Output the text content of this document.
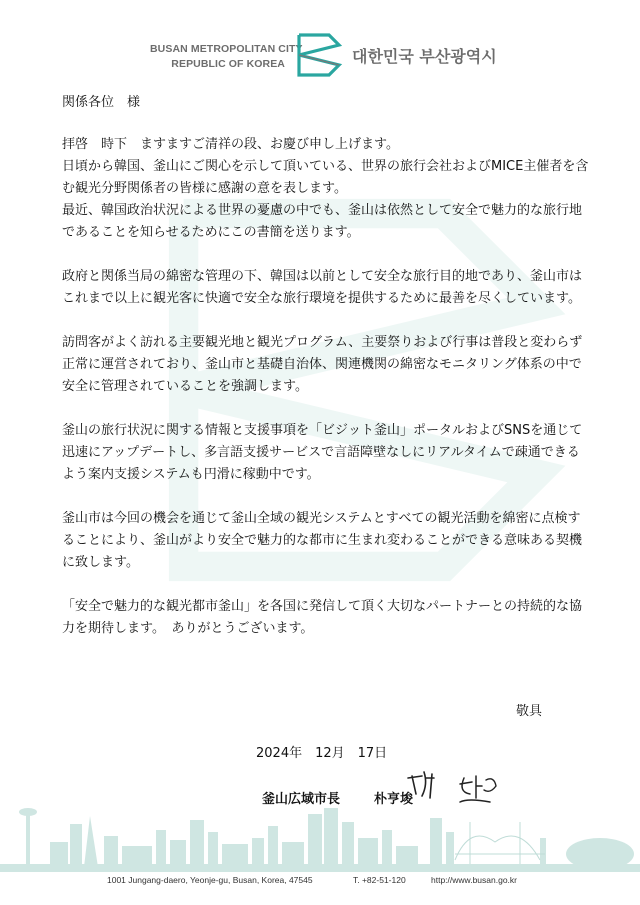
BUSAN METROPOLITAN CITY
REPUBLIC OF KOREA	대한민국 부산광역시

関係各位　様

拝啓　時下　ますますご清祥の段、お慶び申し上げます。

日頃から韓国、釜山にご関心を示して頂いている、世界の旅行会社およびMICE主催者を含む観光分野関係者の皆様に感謝の意を表します。

最近、韓国政治状況による世界の憂慮の中でも、釜山は依然として安全で魅力的な旅行地であることを知らせるためにこの書簡を送ります。

政府と関係当局の綿密な管理の下、韓国は以前として安全な旅行目的地であり、釜山市はこれまで以上に観光客に快適で安全な旅行環境を提供するために最善を尽くしています。

訪問客がよく訪れる主要観光地と観光プログラム、主要祭りおよび行事は普段と変わらず正常に運営されており、釜山市と基礎自治体、関連機関の綿密なモニタリング体系の中で安全に管理されていることを強調します。

釜山の旅行状況に関する情報と支援事項を「ビジット釜山」ポータルおよびSNSを通じて迅速にアップデートし、多言語支援サービスで言語障壁なしにリアルタイムで疎通できるよう案内支援システムも円滑に稼動中です。

釜山市は今回の機会を通じて釜山全域の観光システムとすべての観光活動を綿密に点検することにより、釜山がより安全で魅力的な都市に生まれ変わることができる意味ある契機に致します。

「安全で魅力的な観光都市釜山」を各国に発信して頂く大切なパートナーとの持続的な協力を期待します。　ありがとうございます。

敬具
2024年　12月　17日
釜山広域市長	朴亨埈
1001 Jungang-daero, Yeonje-gu, Busan, Korea, 47545	T. +82-51-120	http://www.busan.go.kr
